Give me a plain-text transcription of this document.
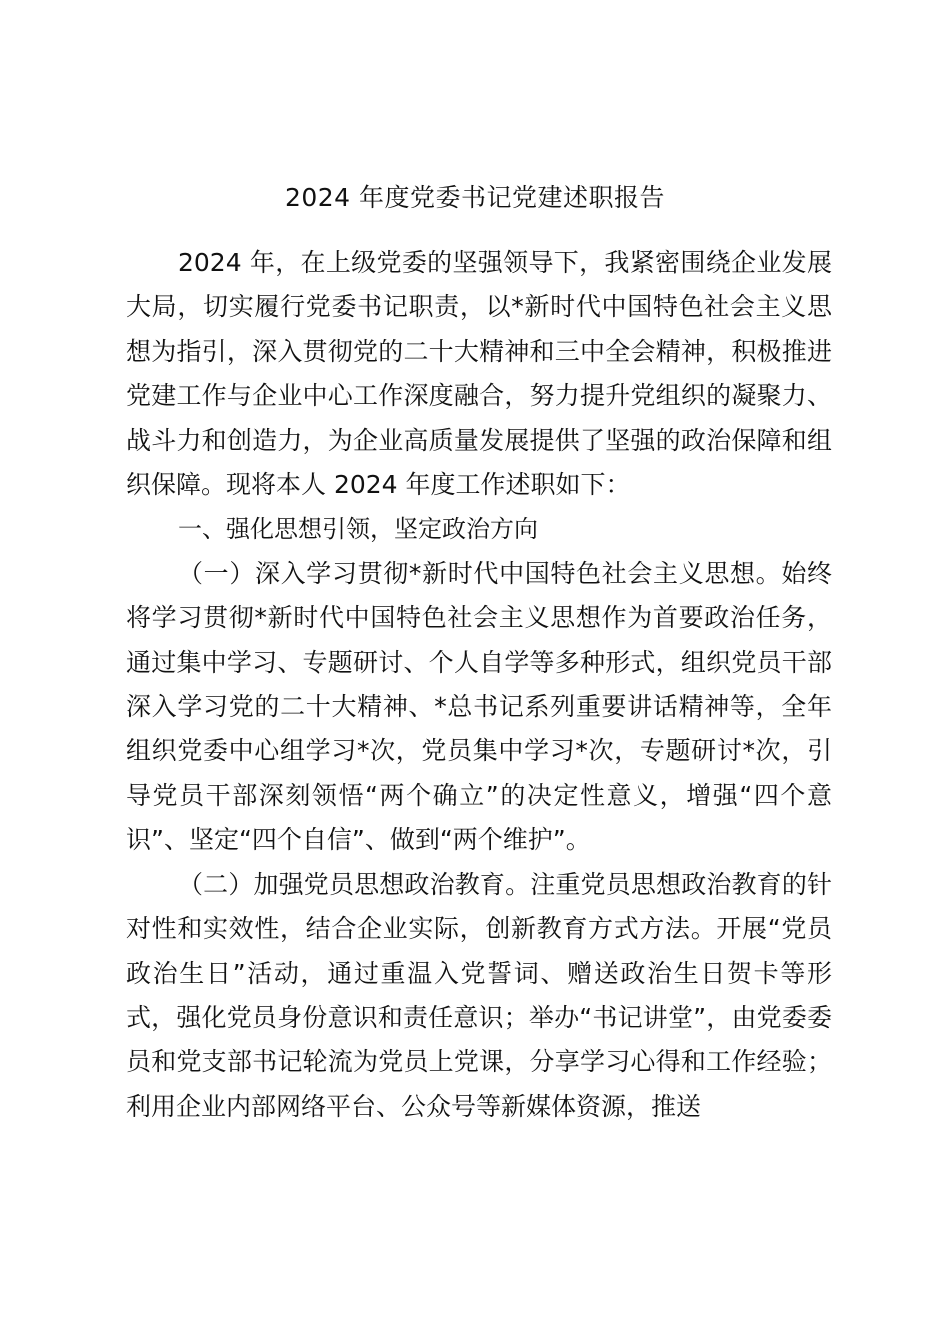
2024 年度党委书记党建述职报告

2024 年，在上级党委的坚强领导下，我紧密围绕企业发展大局，切实履行党委书记职责，以*新时代中国特色社会主义思想为指引，深入贯彻党的二十大精神和三中全会精神，积极推进党建工作与企业中心工作深度融合，努力提升党组织的凝聚力、战斗力和创造力，为企业高质量发展提供了坚强的政治保障和组织保障。现将本人 2024 年度工作述职如下：

一、强化思想引领，坚定政治方向

（一）深入学习贯彻*新时代中国特色社会主义思想。始终将学习贯彻*新时代中国特色社会主义思想作为首要政治任务，通过集中学习、专题研讨、个人自学等多种形式，组织党员干部深入学习党的二十大精神、*总书记系列重要讲话精神等，全年组织党委中心组学习*次，党员集中学习*次，专题研讨*次，引导党员干部深刻领悟“两个确立”的决定性意义，增强“四个意识”、坚定“四个自信”、做到“两个维护”。

（二）加强党员思想政治教育。注重党员思想政治教育的针对性和实效性，结合企业实际，创新教育方式方法。开展“党员政治生日”活动，通过重温入党誓词、赠送政治生日贺卡等形式，强化党员身份意识和责任意识；举办“书记讲堂”，由党委委员和党支部书记轮流为党员上党课，分享学习心得和工作经验；利用企业内部网络平台、公众号等新媒体资源，推送
